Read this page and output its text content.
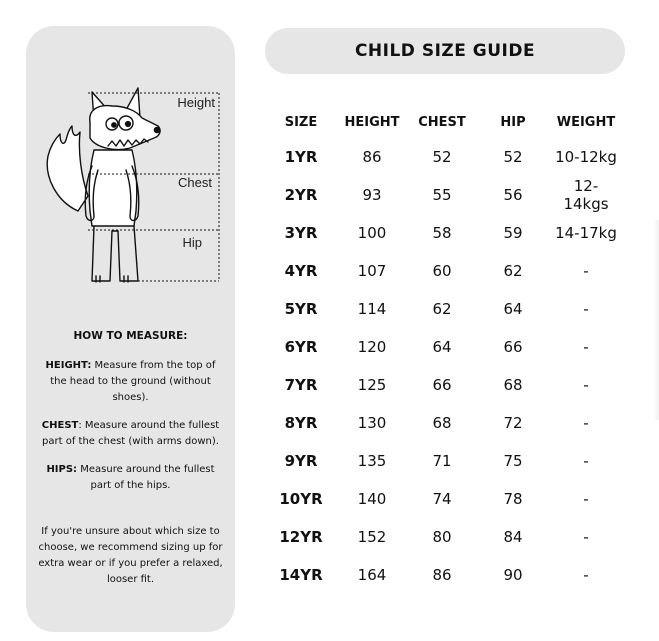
Height
Chest
Hip
HOW TO MEASURE:

HEIGHT: Measure from the top of the head to the ground (without shoes).

CHEST: Measure around the fullest part of the chest (with arms down).

HIPS: Measure around the fullest part of the hips.

If you're unsure about which size to choose, we recommend sizing up for extra wear or if you prefer a relaxed, looser fit.

CHILD SIZE GUIDE
SIZE	HEIGHT	CHEST	HIP	WEIGHT
1YR	86	52	52	10-12kg
2YR	93	55	56	12-14kgs
3YR	100	58	59	14-17kg
4YR	107	60	62	-
5YR	114	62	64	-
6YR	120	64	66	-
7YR	125	66	68	-
8YR	130	68	72	-
9YR	135	71	75	-
10YR	140	74	78	-
12YR	152	80	84	-
14YR	164	86	90	-
